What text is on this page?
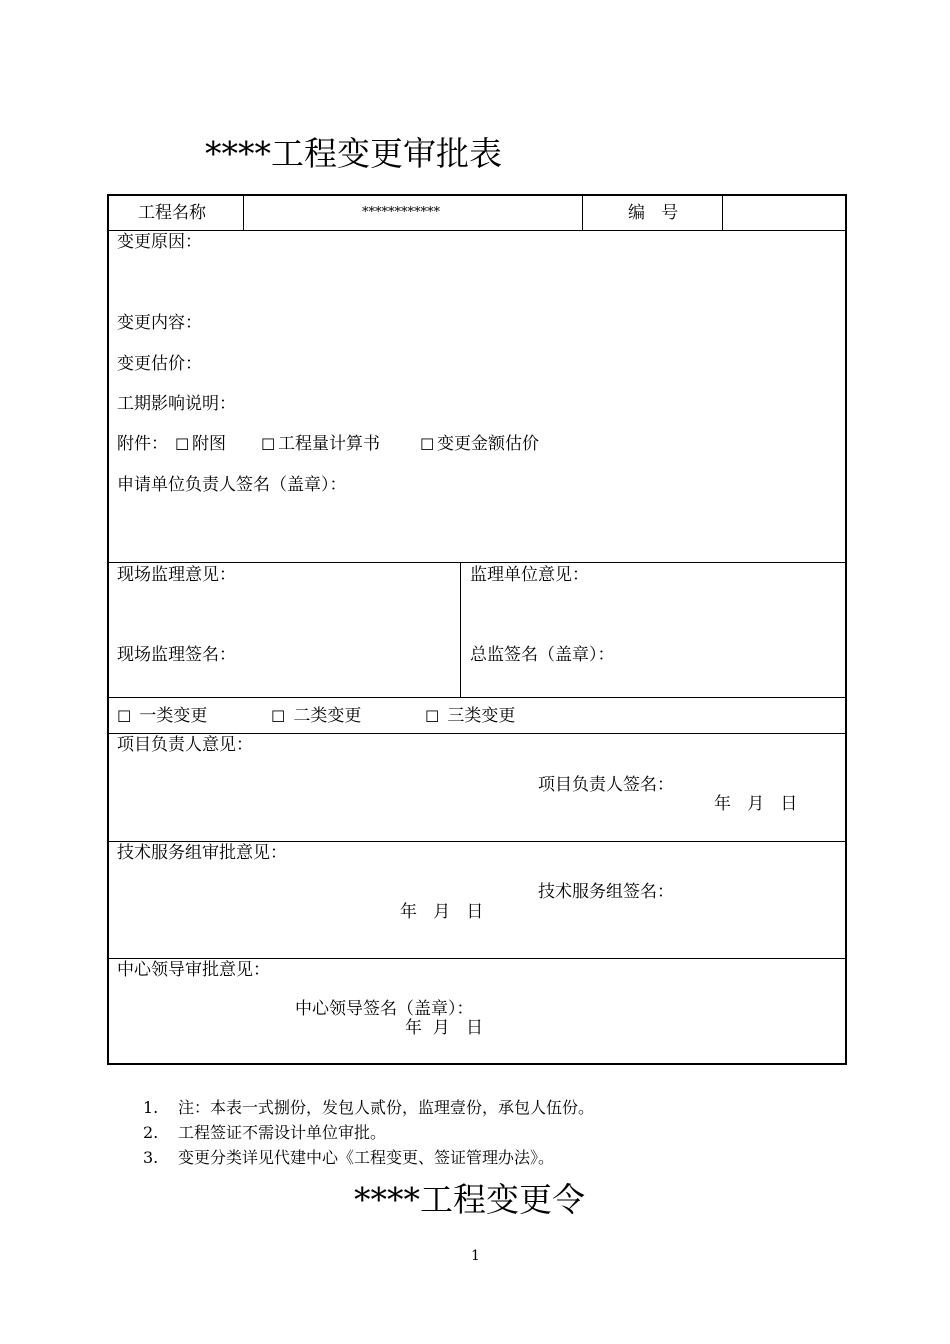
****工程变更审批表
工程名称	************	编   号
变更原因：
变更内容：
变更估价：
工期影响说明：
附件： ☐ 附图 ☐ 工程量计算书	☐ 变更金额估价
申请单位负责人签名（盖章）：
现场监理意见：
现场监理签名：
监理单位意见：
总监签名（盖章）：
☐ 一类变更	☐ 二类变更	☐ 三类变更
项目负责人意见：
项目负责人签名：
年   月   日
技术服务组审批意见：
技术服务组签名：
年   月   日
中心领导审批意见：
中心领导签名（盖章）：
年  月   日
1. 注：本表一式捌份，发包人贰份，监理壹份，承包人伍份。
2. 工程签证不需设计单位审批。
3. 变更分类详见代建中心《工程变更、签证管理办法》。
****工程变更令
1
